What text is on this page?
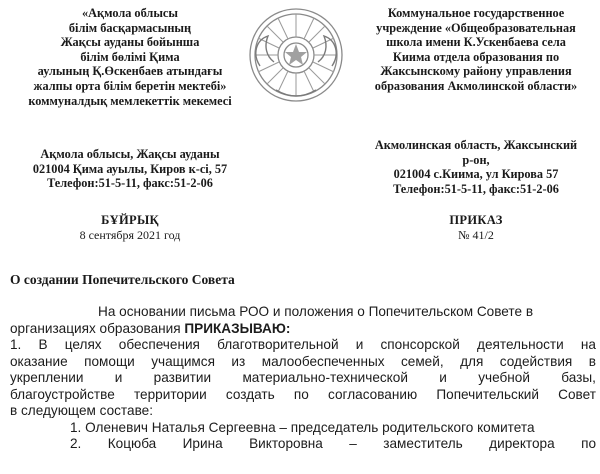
«Ақмола облысы
білім басқармасының
Жақсы ауданы бойынша
білім бөлімі Қима
аулының Қ.Өскенбаев атындағы
жалпы орта білім беретін мектебі»
коммуналдық мемлекеттік мекемесі
Коммунальное государственное
учреждение «Общеобразовательная
школа имени К.Ускенбаева села
Киима отдела образования по
Жаксынскому району управления
образования Акмолинской области»
Ақмола облысы, Жақсы ауданы
021004 Қима ауылы, Киров к-сі, 57
Телефон:51-5-11, факс:51-2-06
Акмолинская область, Жаксынский
р-он,
021004 с.Киима, ул Кирова 57
Телефон:51-5-11, факс:51-2-06
БҰЙРЫҚ
8 сентября 2021 год
ПРИКАЗ
№ 41/2
О создании Попечительского Совета
На основании письма РОО и положения о Попечительском Совете в
организациях образования ПРИКАЗЫВАЮ:
1. В целях обеспечения благотворительной и спонсорской деятельности на
оказание помощи учащимся из малообеспеченных семей, для содействия в
укреплении и развитии материально-технической и учебной базы,
благоустройстве территории создать по согласованию Попечительский Совет
в следующем составе:
1. Оленевич Наталья Сергеевна – председатель родительского комитета
2. Коцюба Ирина Викторовна – заместитель директора по
